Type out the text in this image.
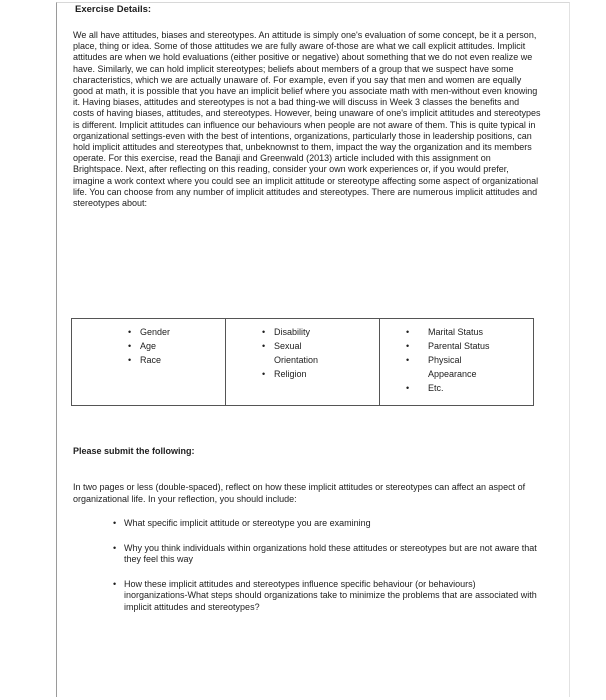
Exercise Details:

We all have attitudes, biases and stereotypes. An attitude is simply one's evaluation of some concept, be it a person, place, thing or idea. Some of those attitudes we are fully aware of-those are what we call explicit attitudes. Implicit attitudes are when we hold evaluations (either positive or negative) about something that we do not even realize we have. Similarly, we can hold implicit stereotypes; beliefs about members of a group that we suspect have some characteristics, which we are actually unaware of. For example, even if you say that men and women are equally good at math, it is possible that you have an implicit belief where you associate math with men-without even knowing it. Having biases, attitudes and stereotypes is not a bad thing-we will discuss in Week 3 classes the benefits and costs of having biases, attitudes, and stereotypes. However, being unaware of one's implicit attitudes and stereotypes is different. Implicit attitudes can influence our behaviours when people are not aware of them. This is quite typical in organizational settings-even with the best of intentions, organizations, particularly those in leadership positions, can hold implicit attitudes and stereotypes that, unbeknownst to them, impact the way the organization and its members operate. For this exercise, read the Banaji and Greenwald (2013) article included with this assignment on Brightspace. Next, after reflecting on this reading, consider your own work experiences or, if you would prefer, imagine a work context where you could see an implicit attitude or stereotype affecting some aspect of organizational life. You can choose from any number of implicit attitudes and stereotypes. There are numerous implicit attitudes and stereotypes about:

• Gender
• Age
• Race

• Disability
• Sexual Orientation
• Religion

• Marital Status
• Parental Status
•	Physical Appearance
• Etc.
Please submit the following:

In two pages or less (double-spaced), reflect on how these implicit attitudes or stereotypes can affect an aspect of organizational life. In your reflection, you should include:

• What specific implicit attitude or stereotype you are examining
• Why you think individuals within organizations hold these attitudes or stereotypes but are not aware that they feel this way
• How these implicit attitudes and stereotypes influence specific behaviour (or behaviours) inorganizations-What steps should organizations take to minimize the problems that are associated with implicit attitudes and stereotypes?
